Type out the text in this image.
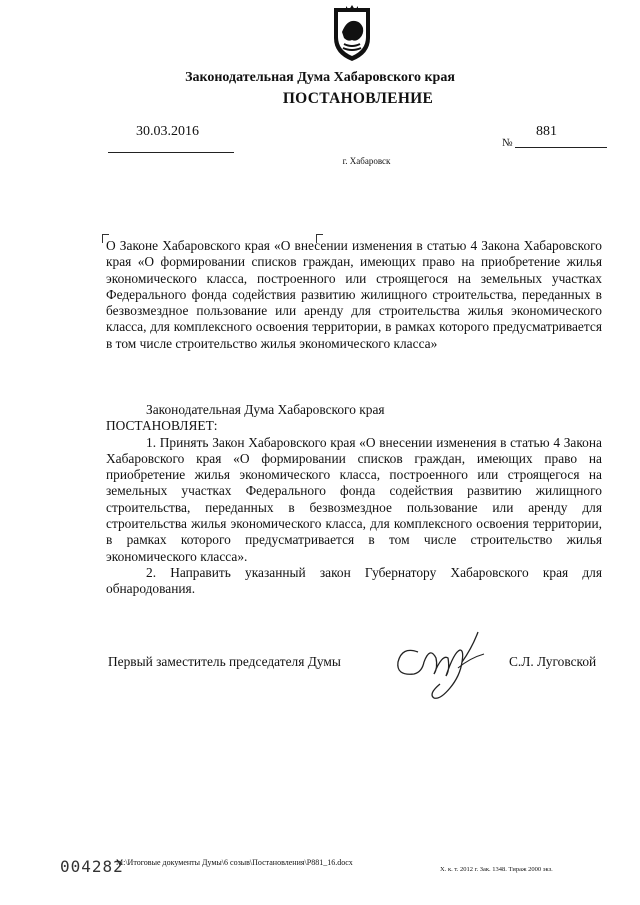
Законодательная Дума Хабаровского края
ПОСТАНОВЛЕНИЕ
30.03.2016	881
№
г. Хабаровск
О Законе Хабаровского края «О внесении изменения в статью 4 Закона Хабаровского края «О формировании списков граждан, имеющих право на приобретение жилья экономического класса, построенного или строящегося на земельных участках Федерального фонда содействия развитию жилищного строительства, переданных в безвозмездное пользование или аренду для строительства жилья экономического класса, для комплексного освоения территории, в рамках которого предусматривается в том числе строительство жилья экономического класса»

Законодательная Дума Хабаровского края

ПОСТАНОВЛЯЕТ:

1. Принять Закон Хабаровского края «О внесении изменения в статью 4 Закона Хабаровского края «О формировании списков граждан, имеющих право на приобретение жилья экономического класса, построенного или строящегося на земельных участках Федерального фонда содействия развитию жилищного строительства, переданных в безвозмездное пользование или аренду для строительства жилья экономического класса, для комплексного освоения территории, в рамках которого предусматривается в том числе строительство жилья экономического класса».

2. Направить указанный закон Губернатору Хабаровского края для обнародования.

Первый заместитель председателя Думы	С.Л. Луговской
004282
М:\Итоговые документы Думы\6 созыв\Постановления\P881_16.docx
Х. к. т. 2012 г. Зак. 1348. Тираж 2000 экз.
